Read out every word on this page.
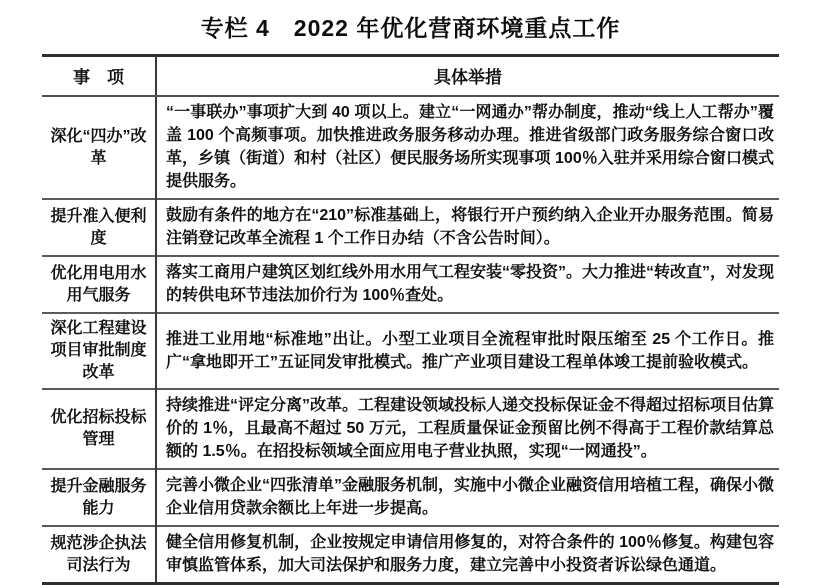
专栏 4　2022 年优化营商环境重点工作
事　项	具体举措
深化“四办”改革	“一事联办”事项扩大到 40 项以上。建立“一网通办”帮办制度，推动“线上人工帮办”覆盖 100 个高频事项。加快推进政务服务移动办理。推进省级部门政务服务综合窗口改革，乡镇（街道）和村（社区）便民服务场所实现事项 100％入驻并采用综合窗口模式提供服务。
提升准入便利度	鼓励有条件的地方在“210”标准基础上，将银行开户预约纳入企业开办服务范围。简易注销登记改革全流程 1 个工作日办结（不含公告时间）。
优化用电用水用气服务	落实工商用户建筑区划红线外用水用气工程安装“零投资”。大力推进“转改直”，对发现的转供电环节违法加价行为 100％查处。
深化工程建设项目审批制度改革	推进工业用地“标准地”出让。小型工业项目全流程审批时限压缩至 25 个工作日。推广“拿地即开工”五证同发审批模式。推广产业项目建设工程单体竣工提前验收模式。
优化招标投标管理	持续推进“评定分离”改革。工程建设领域投标人递交投标保证金不得超过招标项目估算价的 1％，且最高不超过 50 万元，工程质量保证金预留比例不得高于工程价款结算总额的 1.5％。在招投标领域全面应用电子营业执照，实现“一网通投”。
提升金融服务能力	完善小微企业“四张清单”金融服务机制，实施中小微企业融资信用培植工程，确保小微企业信用贷款余额比上年进一步提高。
规范涉企执法司法行为	健全信用修复机制，企业按规定申请信用修复的，对符合条件的 100％修复。构建包容审慎监管体系，加大司法保护和服务力度，建立完善中小投资者诉讼绿色通道。
